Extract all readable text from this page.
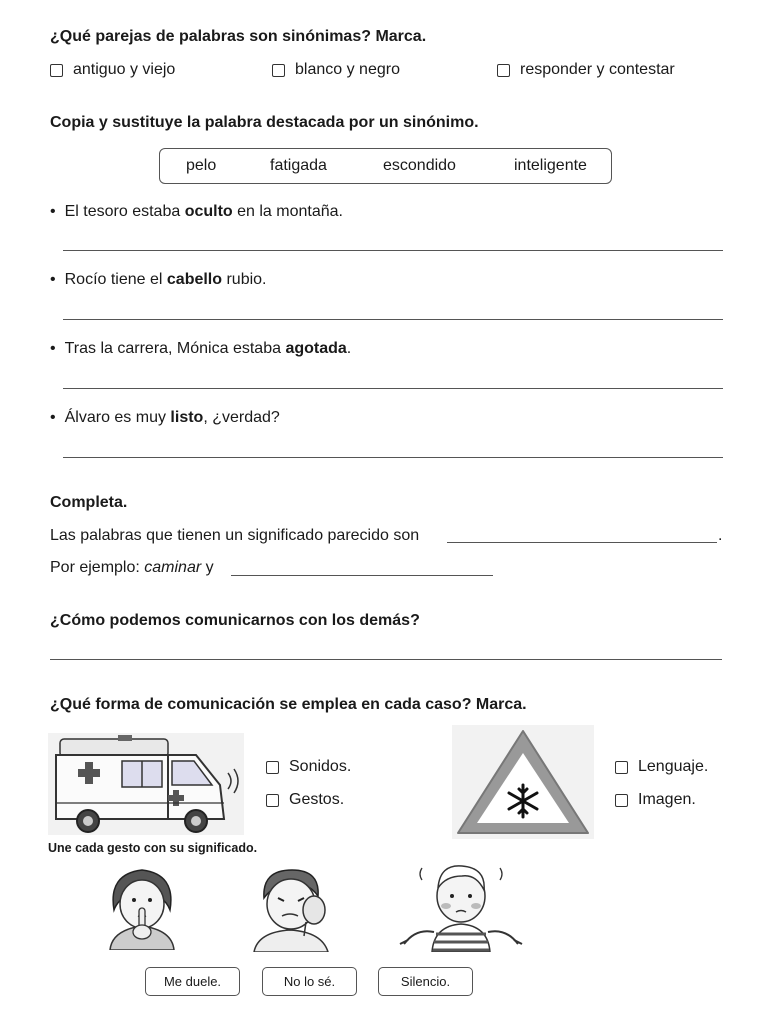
¿Qué parejas de palabras son sinónimas? Marca.
antiguo y viejo	blanco y negro	responder y contestar
Copia y sustituye la palabra destacada por un sinónimo.
pelo	fatigada	escondido	inteligente
• El tesoro estaba oculto en la montaña.
• Rocío tiene el cabello rubio.
• Tras la carrera, Mónica estaba agotada.
• Álvaro es muy listo, ¿verdad?
Completa.
Las palabras que tienen un significado parecido son	.
Por ejemplo: caminar y
¿Cómo podemos comunicarnos con los demás?
¿Qué forma de comunicación se emplea en cada caso? Marca.
Sonidos.
Gestos.
Lenguaje.
Imagen.
Une cada gesto con su significado.
Me duele.	No lo sé.	Silencio.
